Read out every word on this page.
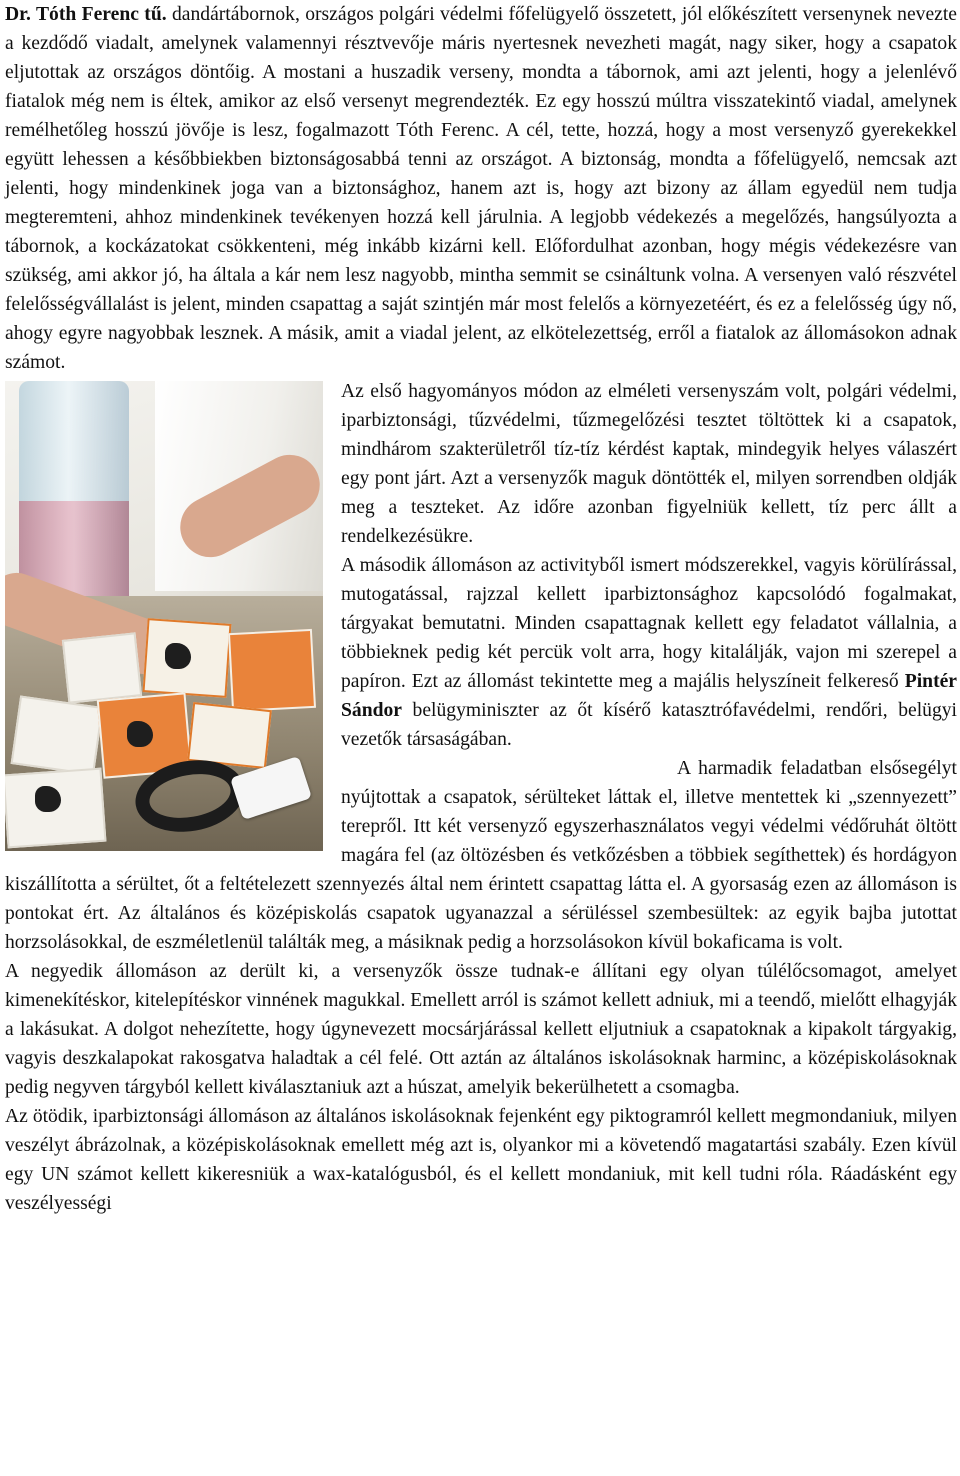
Dr. Tóth Ferenc tű. dandártábornok, országos polgári védelmi főfelügyelő összetett, jól előkészített versenynek nevezte a kezdődő viadalt, amelynek valamennyi résztvevője máris nyertesnek nevezheti magát, nagy siker, hogy a csapatok eljutottak az országos döntőig. A mostani a huszadik verseny, mondta a tábornok, ami azt jelenti, hogy a jelenlévő fiatalok még nem is éltek, amikor az első versenyt megrendezték. Ez egy hosszú múltra visszatekintő viadal, amelynek remélhetőleg hosszú jövője is lesz, fogalmazott Tóth Ferenc. A cél, tette, hozzá, hogy a most versenyző gyerekekkel együtt lehessen a későbbiekben biztonságosabbá tenni az országot. A biztonság, mondta a főfelügyelő, nemcsak azt jelenti, hogy mindenkinek joga van a biztonsághoz, hanem azt is, hogy azt bizony az állam egyedül nem tudja megteremteni, ahhoz mindenkinek tevékenyen hozzá kell járulnia. A legjobb védekezés a megelőzés, hangsúlyozta a tábornok, a kockázatokat csökkenteni, még inkább kizárni kell. Előfordulhat azonban, hogy mégis védekezésre van szükség, ami akkor jó, ha általa a kár nem lesz nagyobb, mintha semmit se csináltunk volna. A versenyen való részvétel felelősségvállalást is jelent, minden csapattag a saját szintjén már most felelős a környezetéért, és ez a felelősség úgy nő, ahogy egyre nagyobbak lesznek. A másik, amit a viadal jelent, az elkötelezettség, erről a fiatalok az állomásokon adnak számot.

Az első hagyományos módon az elméleti versenyszám volt, polgári védelmi, iparbiztonsági, tűzvédelmi, tűzmegelőzési tesztet töltöttek ki a csapatok, mindhárom szakterületről tíz-tíz kérdést kaptak, mindegyik helyes válaszért egy pont járt. Azt a versenyzők maguk döntötték el, milyen sorrendben oldják meg a teszteket. Az időre azonban figyelniük kellett, tíz perc állt a rendelkezésükre.

A második állomáson az activityből ismert módszerekkel, vagyis körülírással, mutogatással, rajzzal kellett iparbiztonsághoz kapcsolódó fogalmakat, tárgyakat bemutatni. Minden csapattagnak kellett egy feladatot vállalnia, a többieknek pedig két percük volt arra, hogy kitalálják, vajon mi szerepel a papíron. Ezt az állomást tekintette meg a majális helyszíneit felkereső Pintér Sándor belügyminiszter az őt kísérő katasztrófavédelmi, rendőri, belügyi vezetők társaságában.

A harmadik feladatban elsősegélyt nyújtottak a csapatok, sérülteket láttak el, illetve mentettek ki „szennyezett” terepről. Itt két versenyző egyszerhasználatos vegyi védelmi védőruhát öltött magára fel (az öltözésben és vetkőzésben a többiek segíthettek) és hordágyon kiszállította a sérültet, őt a feltételezett szennyezés által nem érintett csapattag látta el. A gyorsaság ezen az állomáson is pontokat ért. Az általános és középiskolás csapatok ugyanazzal a sérüléssel szembesültek: az egyik bajba jutottat horzsolásokkal, de eszméletlenül találták meg, a másiknak pedig a horzsolásokon kívül bokaficama is volt.

A negyedik állomáson az derült ki, a versenyzők össze tudnak-e állítani egy olyan túlélőcsomagot, amelyet kimenekítéskor, kitelepítéskor vinnének magukkal. Emellett arról is számot kellett adniuk, mi a teendő, mielőtt elhagyják a lakásukat. A dolgot nehezítette, hogy úgynevezett mocsárjárással kellett eljutniuk a csapatoknak a kipakolt tárgyakig, vagyis deszkalapokat rakosgatva haladtak a cél felé. Ott aztán az általános iskolásoknak harminc, a középiskolásoknak pedig negyven tárgyból kellett kiválasztaniuk azt a húszat, amelyik bekerülhetett a csomagba.

Az ötödik, iparbiztonsági állomáson az általános iskolásoknak fejenként egy piktogramról kellett megmondaniuk, milyen veszélyt ábrázolnak, a középiskolásoknak emellett még azt is, olyankor mi a követendő magatartási szabály. Ezen kívül egy UN számot kellett kikeresniük a wax-katalógusból, és el kellett mondaniuk, mit kell tudni róla. Ráadásként egy veszélyességi
